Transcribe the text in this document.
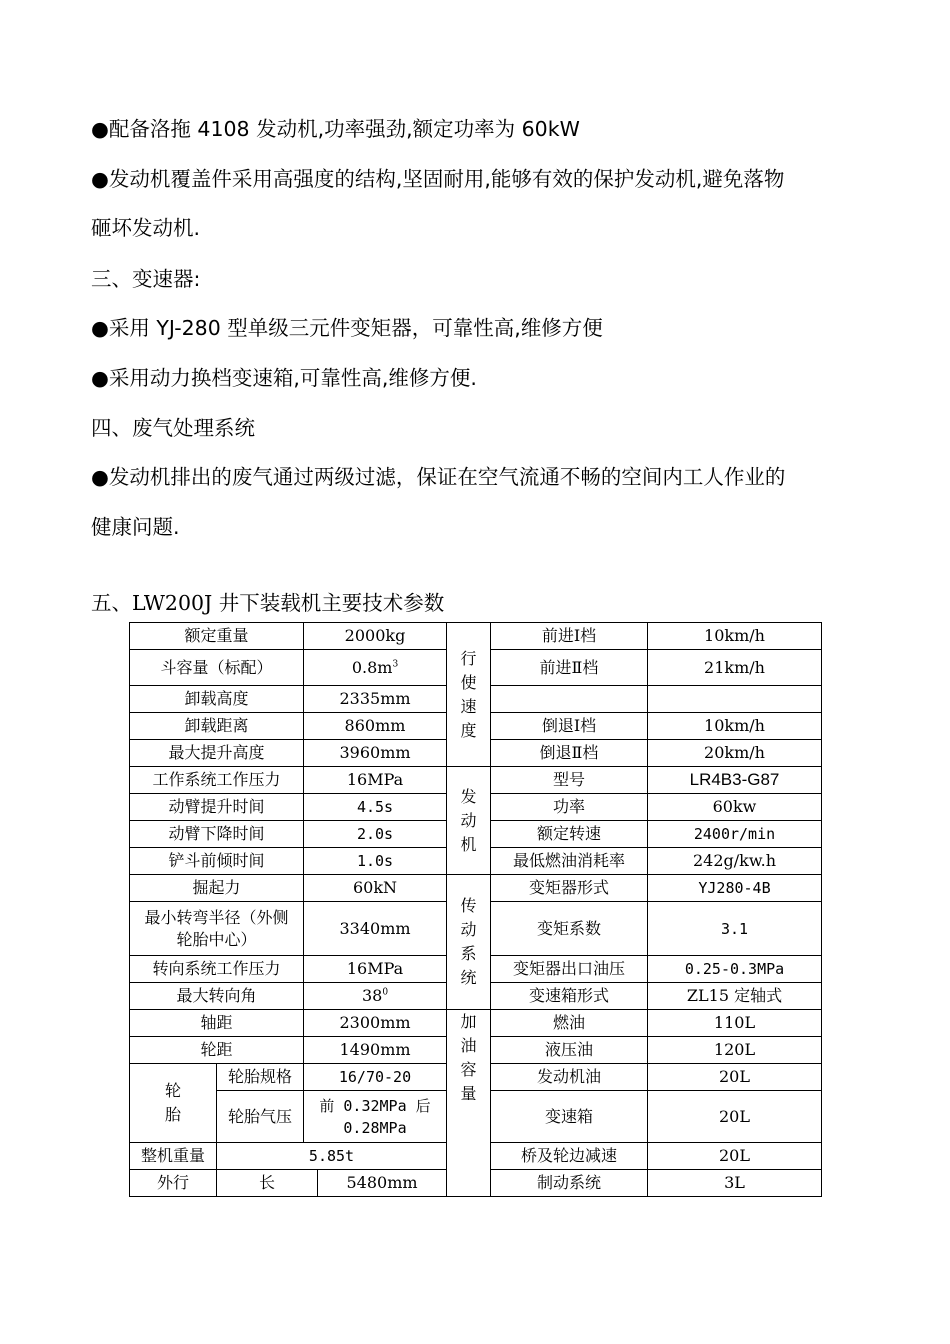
●配备洛拖 4108 发动机,功率强劲,额定功率为 60kW
●发动机覆盖件采用高强度的结构,坚固耐用,能够有效的保护发动机,避免落物
砸坏发动机.
三、变速器:
●采用 YJ-280 型单级三元件变矩器，可靠性高,维修方便
●采用动力换档变速箱,可靠性高,维修方便.
四、废气处理系统
●发动机排出的废气通过两级过滤，保证在空气流通不畅的空间内工人作业的
健康问题.
五、LW200J 井下装载机主要技术参数
额定重量		2000kg		行使速度	前进Ⅰ档	10km/h
斗容量（标配）		$0.8m^3$			前进Ⅱ档	21km/h
卸载高度		2335mm				
卸载距离		860mm			倒退Ⅰ档	10km/h
最大提升高度		3960mm			倒退Ⅱ档	20km/h
工作系统工作压力		16MPa		发动机	型号	LR4B3-G87
动臂提升时间		4.5s			功率	60kw
动臂下降时间		2.0s			额定转速	2400r/min
铲斗前倾时间		1.0s			最低燃油消耗率	242g/kw.h
掘起力		60kN		传动系统	变矩器形式	YJ280-4B
最小转弯半径（外侧轮胎中心）		3340mm			变矩系数	3.1
转向系统工作压力		16MPa			变矩器出口油压	0.25-0.3MPa
最大转向角		$38^0$			变速箱形式	ZL15 定轴式
轴距		2300mm		加油容量	燃油	110L
轮距		1490mm			液压油	120L
轮胎	轮胎规格	16/70-20			发动机油	20L
	轮胎气压	前 0.32MPa 后 0.28MPa			变速箱	20L
整机重量	5.85t				桥及轮边减速	20L
外行	长		5480mm		制动系统	3L
